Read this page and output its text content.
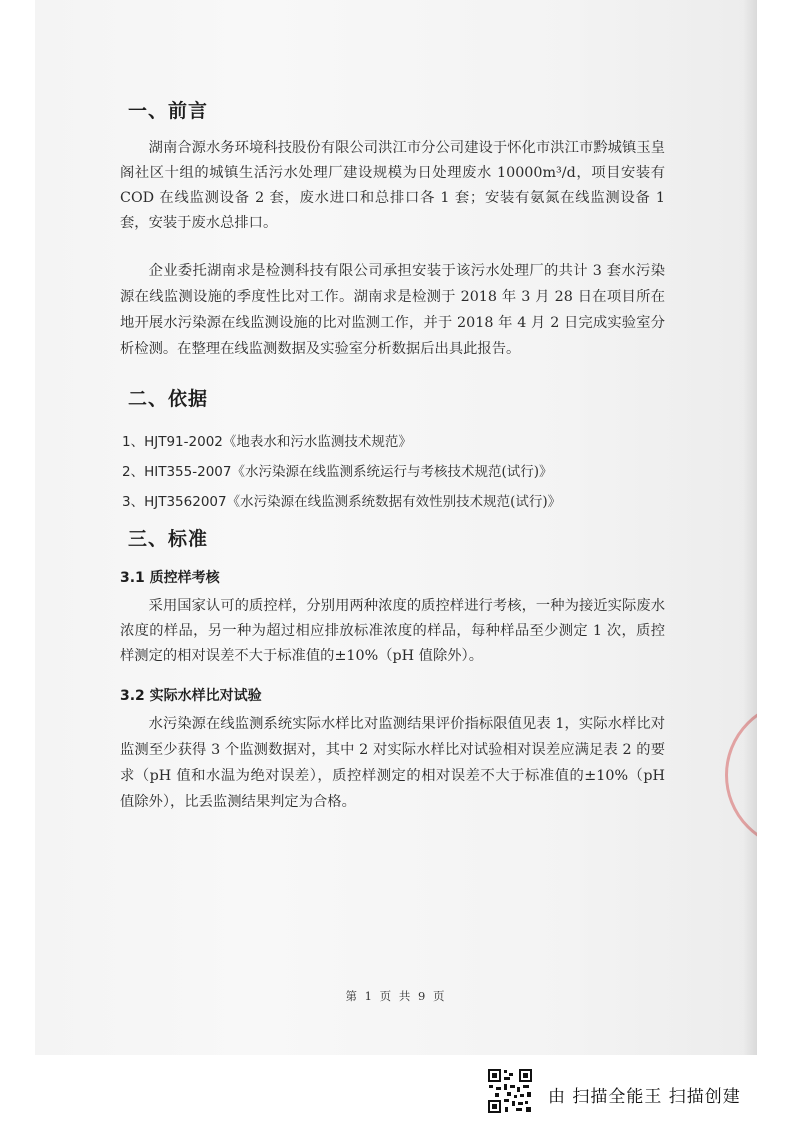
一、前言

湖南合源水务环境科技股份有限公司洪江市分公司建设于怀化市洪江市黔城镇玉皇阁社区十组的城镇生活污水处理厂建设规模为日处理废水 10000m³/d，项目安装有 COD 在线监测设备 2 套，废水进口和总排口各 1 套；安装有氨氮在线监测设备 1 套，安装于废水总排口。

企业委托湖南求是检测科技有限公司承担安装于该污水处理厂的共计 3 套水污染源在线监测设施的季度性比对工作。湖南求是检测于 2018 年 3 月 28 日在项目所在地开展水污染源在线监测设施的比对监测工作，并于 2018 年 4 月 2 日完成实验室分析检测。在整理在线监测数据及实验室分析数据后出具此报告。

二、依据

1、HJT91-2002《地表水和污水监测技术规范》

2、HIT355-2007《水污染源在线监测系统运行与考核技术规范(试行)》

3、HJT3562007《水污染源在线监测系统数据有效性别技术规范(试行)》

三、标准
3.1 质控样考核

采用国家认可的质控样，分别用两种浓度的质控样进行考核，一种为接近实际废水浓度的样品，另一种为超过相应排放标准浓度的样品，每种样品至少测定 1 次，质控样测定的相对误差不大于标准值的±10%（pH 值除外）。

3.2 实际水样比对试验

水污染源在线监测系统实际水样比对监测结果评价指标限值见表 1，实际水样比对监测至少获得 3 个监测数据对，其中 2 对实际水样比对试验相对误差应满足表 2 的要求（pH 值和水温为绝对误差），质控样测定的相对误差不大于标准值的±10%（pH 值除外），比丢监测结果判定为合格。

第 1 页 共 9 页
由 扫描全能王 扫描创建
